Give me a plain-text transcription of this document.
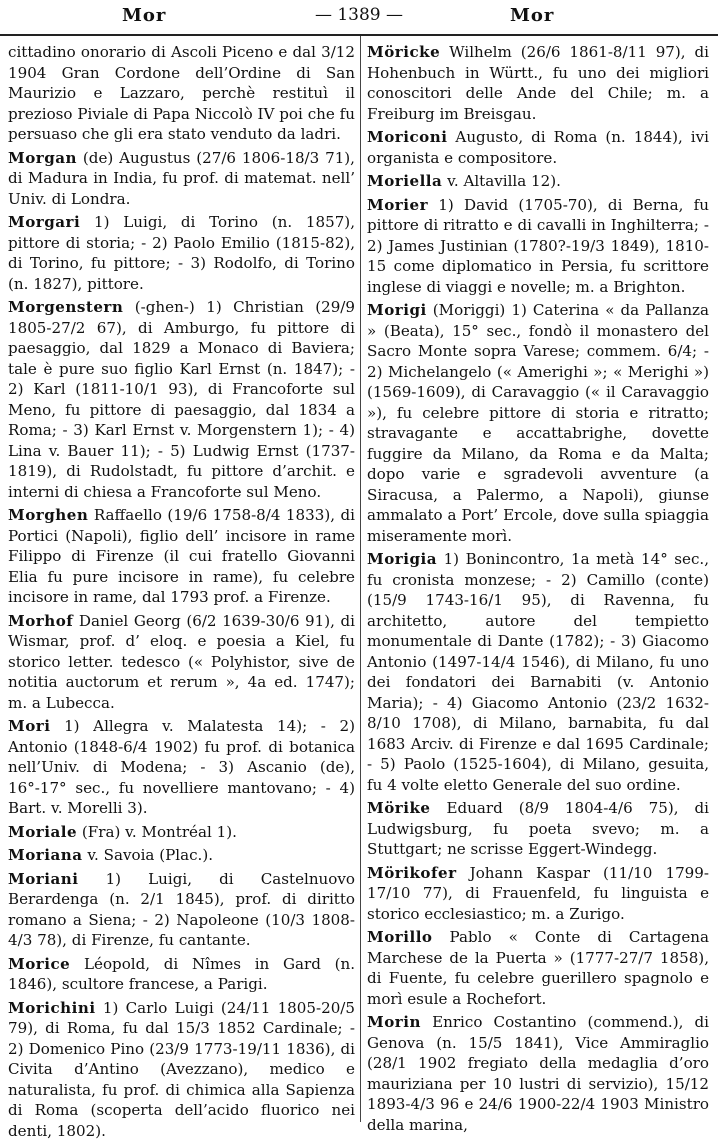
Mor	— 1389 —	Mor

cittadino onorario di Ascoli Piceno e dal 3/12 1904 Gran Cordone dell’Ordine di San Maurizio e Lazzaro, perchè restituì il prezioso Piviale di Papa Niccolò IV poi che fu persuaso che gli era stato venduto da ladri.

Morgan (de) Augustus (27/6 1806-18/3 71), di Madura in India, fu prof. di matemat. nell’ Univ. di Londra.

Morgari 1) Luigi, di Torino (n. 1857), pittore di storia; - 2) Paolo Emilio (1815-82), di Torino, fu pittore; - 3) Rodolfo, di Torino (n. 1827), pittore.

Morgenstern (-ghen-) 1) Christian (29/9 1805-27/2 67), di Amburgo, fu pittore di paesaggio, dal 1829 a Monaco di Baviera; tale è pure suo figlio Karl Ernst (n. 1847); - 2) Karl (1811-10/1 93), di Francoforte sul Meno, fu pittore di paesaggio, dal 1834 a Roma; - 3) Karl Ernst v. Morgenstern 1); - 4) Lina v. Bauer 11); - 5) Ludwig Ernst (1737-1819), di Rudolstadt, fu pittore d’archit. e interni di chiesa a Francoforte sul Meno.

Morghen Raffaello (19/6 1758-8/4 1833), di Portici (Napoli), figlio dell’ incisore in rame Filippo di Firenze (il cui fratello Giovanni Elia fu pure incisore in rame), fu celebre incisore in rame, dal 1793 prof. a Firenze.

Morhof Daniel Georg (6/2 1639-30/6 91), di Wismar, prof. d’ eloq. e poesia a Kiel, fu storico letter. tedesco (« Polyhistor, sive de notitia auctorum et rerum », 4a ed. 1747); m. a Lubecca.

Mori 1) Allegra v. Malatesta 14); - 2) Antonio (1848-6/4 1902) fu prof. di botanica nell’Univ. di Modena; - 3) Ascanio (de), 16°-17° sec., fu novelliere mantovano; - 4) Bart. v. Morelli 3).

Moriale (Fra) v. Montréal 1).

Moriana v. Savoia (Plac.).

Moriani 1) Luigi, di Castelnuovo Berardenga (n. 2/1 1845), prof. di diritto romano a Siena; - 2) Napoleone (10/3 1808-4/3 78), di Firenze, fu cantante.

Morice Léopold, di Nîmes in Gard (n. 1846), scultore francese, a Parigi.

Morichini 1) Carlo Luigi (24/11 1805-20/5 79), di Roma, fu dal 15/3 1852 Cardinale; - 2) Domenico Pino (23/9 1773-19/11 1836), di Civita d’Antino (Avezzano), medico e naturalista, fu prof. di chimica alla Sapienza di Roma (scoperta dell’acido fluorico nei denti, 1802).

Möricke Wilhelm (26/6 1861-8/11 97), di Hohenbuch in Württ., fu uno dei migliori conoscitori delle Ande del Chile; m. a Freiburg im Breisgau.

Moriconi Augusto, di Roma (n. 1844), ivi organista e compositore.

Moriella v. Altavilla 12).

Morier 1) David (1705-70), di Berna, fu pittore di ritratto e di cavalli in Inghilterra; - 2) James Justinian (1780?-19/3 1849), 1810-15 come diplomatico in Persia, fu scrittore inglese di viaggi e novelle; m. a Brighton.

Morigi (Moriggi) 1) Caterina « da Pallanza » (Beata), 15° sec., fondò il monastero del Sacro Monte sopra Varese; commem. 6/4; - 2) Michelangelo (« Amerighi »; « Merighi ») (1569-1609), di Caravaggio (« il Caravaggio »), fu celebre pittore di storia e ritratto; stravagante e accattabrighe, dovette fuggire da Milano, da Roma e da Malta; dopo varie e sgradevoli avventure (a Siracusa, a Palermo, a Napoli), giunse ammalato a Port’ Ercole, dove sulla spiaggia miseramente morì.

Morigia 1) Bonincontro, 1a metà 14° sec., fu cronista monzese; - 2) Camillo (conte) (15/9 1743-16/1 95), di Ravenna, fu architetto, autore del tempietto monumentale di Dante (1782); - 3) Giacomo Antonio (1497-14/4 1546), di Milano, fu uno dei fondatori dei Barnabiti (v. Antonio Maria); - 4) Giacomo Antonio (23/2 1632-8/10 1708), di Milano, barnabita, fu dal 1683 Arciv. di Firenze e dal 1695 Cardinale; - 5) Paolo (1525-1604), di Milano, gesuita, fu 4 volte eletto Generale del suo ordine.

Mörike Eduard (8/9 1804-4/6 75), di Ludwigsburg, fu poeta svevo; m. a Stuttgart; ne scrisse Eggert-Windegg.

Mörikofer Johann Kaspar (11/10 1799-17/10 77), di Frauenfeld, fu linguista e storico ecclesiastico; m. a Zurigo.

Morillo Pablo « Conte di Cartagena Marchese de la Puerta » (1777-27/7 1858), di Fuente, fu celebre guerillero spagnolo e morì esule a Rochefort.

Morin Enrico Costantino (commend.), di Genova (n. 15/5 1841), Vice Ammiraglio (28/1 1902 fregiato della medaglia d’oro mauriziana per 10 lustri di servizio), 15/12 1893-4/3 96 e 24/6 1900-22/4 1903 Ministro della marina,
